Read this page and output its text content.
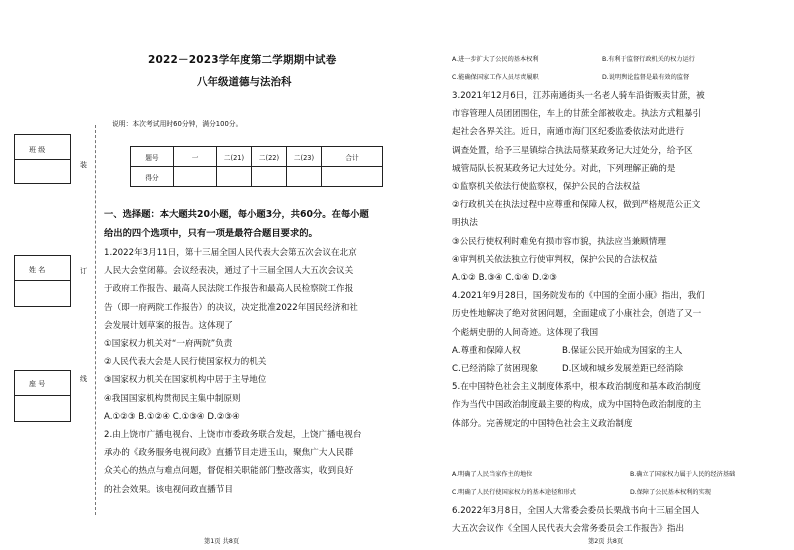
装
订
线
班 级
姓 名
座 号
2022－2023学年度第二学期期中试卷
八年级道德与法治科
说明：本次考试用时60分钟，满分100分。
题号	一	二(21)	二(22)	二(23)	合计
得分					
一、选择题：本大题共20小题，每小题3分，共60分。在每小题
给出的四个选项中，只有一项是最符合题目要求的。
1.2022年3月11日，第十三届全国人民代表大会第五次会议在北京
人民大会堂闭幕。会议经表决，通过了十三届全国人大五次会议关
于政府工作报告、最高人民法院工作报告和最高人民检察院工作报
告（即一府两院工作报告）的决议，决定批准2022年国民经济和社
会发展计划草案的报告。这体现了
①国家权力机关对“一府两院”负责
②人民代表大会是人民行使国家权力的机关
③国家权力机关在国家机构中居于主导地位
④我国国家机构贯彻民主集中制原则
A.①②③ B.①②④ C.①③④ D.②③④
2.由上饶市广播电视台、上饶市市委政务联合发起，上饶广播电视台
承办的《政务服务电视问政》直播节目走进玉山，聚焦广大人民群
众关心的热点与难点问题，督促相关职能部门整改落实，收到良好
的社会效果。该电视问政直播节目
A.进一步扩大了公民的基本权利	B.有利于监督行政机关的权力运行
C.能确保国家工作人员尽责履职	D.说明舆论监督是最有效的监督
3.2021年12月6日，江苏南通街头一名老人骑车沿街贩卖甘蔗，被
市容管理人员团团围住，车上的甘蔗全部被收走。执法方式粗暴引
起社会各界关注。近日，南通市海门区纪委监委依法对此进行
调查处置，给予三星镇综合执法局蔡某政务记大过处分，给予区
城管局队长祝某政务记大过处分。对此，下列理解正确的是
①监察机关依法行使监察权，保护公民的合法权益
②行政机关在执法过程中应尊重和保障人权，做到严格规范公正文
明执法
③公民行使权利时难免有损市容市貌，执法应当兼顾情理
④审判机关依法独立行使审判权，保护公民的合法权益
A.①② B.③④ C.①④ D.②③
4.2021年9月28日，国务院发布的《中国的全面小康》指出，我们
历史性地解决了绝对贫困问题，全面建成了小康社会，创造了又一
个彪炳史册的人间奇迹。这体现了我国
A.尊重和保障人权	B.保证公民开始成为国家的主人
C.已经消除了贫困现象	D.区域和城乡发展差距已经消除
5.在中国特色社会主义制度体系中，根本政治制度和基本政治制度
作为当代中国政治制度最主要的构成，成为中国特色政治制度的主
体部分。完善规定的中国特色社会主义政治制度
A.明确了人民当家作主的地位	B.确立了国家权力属于人民的经济基础
C.明确了人民行使国家权力的基本途径和形式	D.保障了公民基本权利的实现
6.2022年3月8日，全国人大常委会委员长栗战书向十三届全国人
大五次会议作《全国人民代表大会常务委员会工作报告》指出
第1页 共8页	第2页 共8页
